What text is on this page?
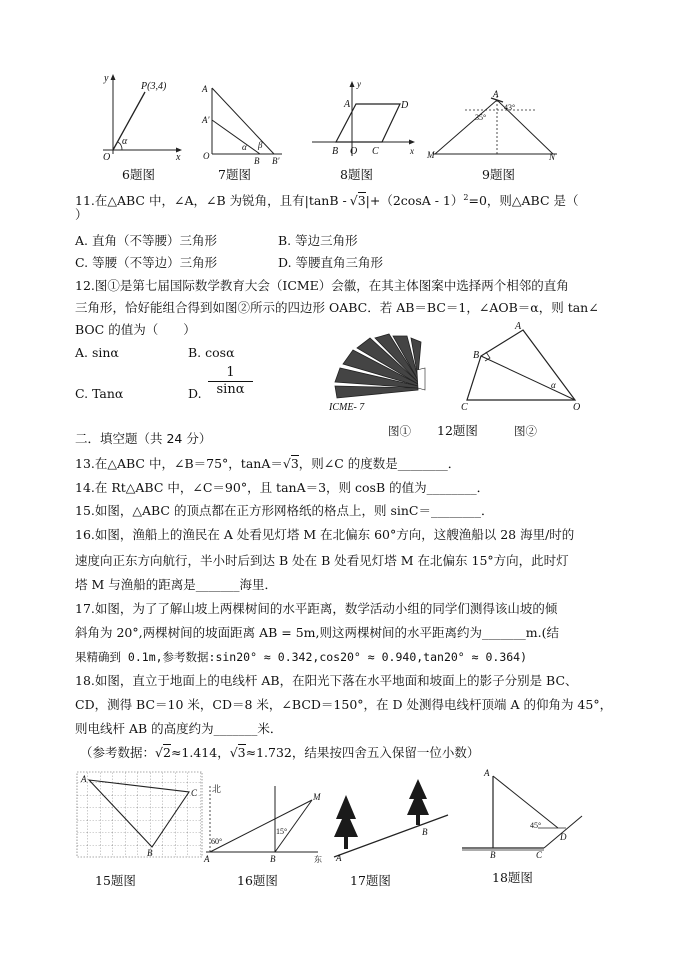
y
P(3,4)
α
O	x
6题图
A
A'
O
α β
B B'
7题图
y
A	D
B O C	x
8题图
A
35°
43°
M	N
9题图
11.在△ABC 中，∠A，∠B 为锐角，且有|tanB - √3|+（2cosA - 1）$^2$=0，则△ABC 是（
）
A. 直角（不等腰）三角形	B. 等边三角形
C. 等腰（不等边）三角形	D. 等腰直角三角形
12.图①是第七届国际数学教育大会（ICME）会徽，在其主体图案中选择两个相邻的直角
三角形，恰好能组合得到如图②所示的四边形 OABC．若 AB＝BC＝1，∠AOB＝α，则 tan∠
BOC 的值为（　　）
A. sinα	B. cosα
C. Tanα	D. $\frac{1}{\sin\alpha}$
ICME- 7
A
B
C	O
α
图① 12题图	图②
二．填空题（共 24 分）
13.在△ABC 中，∠B＝75°，tanA＝√3，则∠C 的度数是________．
14.在 Rt△ABC 中，∠C＝90°，且 tanA＝3，则 cosB 的值为________．
15.如图，△ABC 的顶点都在正方形网格纸的格点上，则 sinC＝________．
16.如图，渔船上的渔民在 A 处看见灯塔 M 在北偏东 60°方向，这艘渔船以 28 海里/时的
速度向正东方向航行，半小时后到达 B 处在 B 处看见灯塔 M 在北偏东 15°方向，此时灯
塔 M 与渔船的距离是_______海里．
17.如图，为了了解山坡上两棵树间的水平距离，数学活动小组的同学们测得该山坡的倾
斜角为 20°,两棵树间的坡面距离 AB = 5m,则这两棵树间的水平距离约为_______m.(结
果精确到 0.1m,参考数据:sin20° ≈ 0.342,cos20° ≈ 0.940,tan20° ≈ 0.364)
18.如图，直立于地面上的电线杆 AB，在阳光下落在水平地面和坡面上的影子分别是 BC、
CD，测得 BC＝10 米，CD＝8 米，∠BCD＝150°，在 D 处测得电线杆顶端 A 的仰角为 45°，
则电线杆 AB 的高度约为_______米．
（参考数据：√2≈1.414，√3≈1.732，结果按四舍五入保留一位小数）
A
C
B
15题图
北
东
60°
15°
A	B
M
16题图
A
B
17题图
A
45°
D
B	C
18题图
